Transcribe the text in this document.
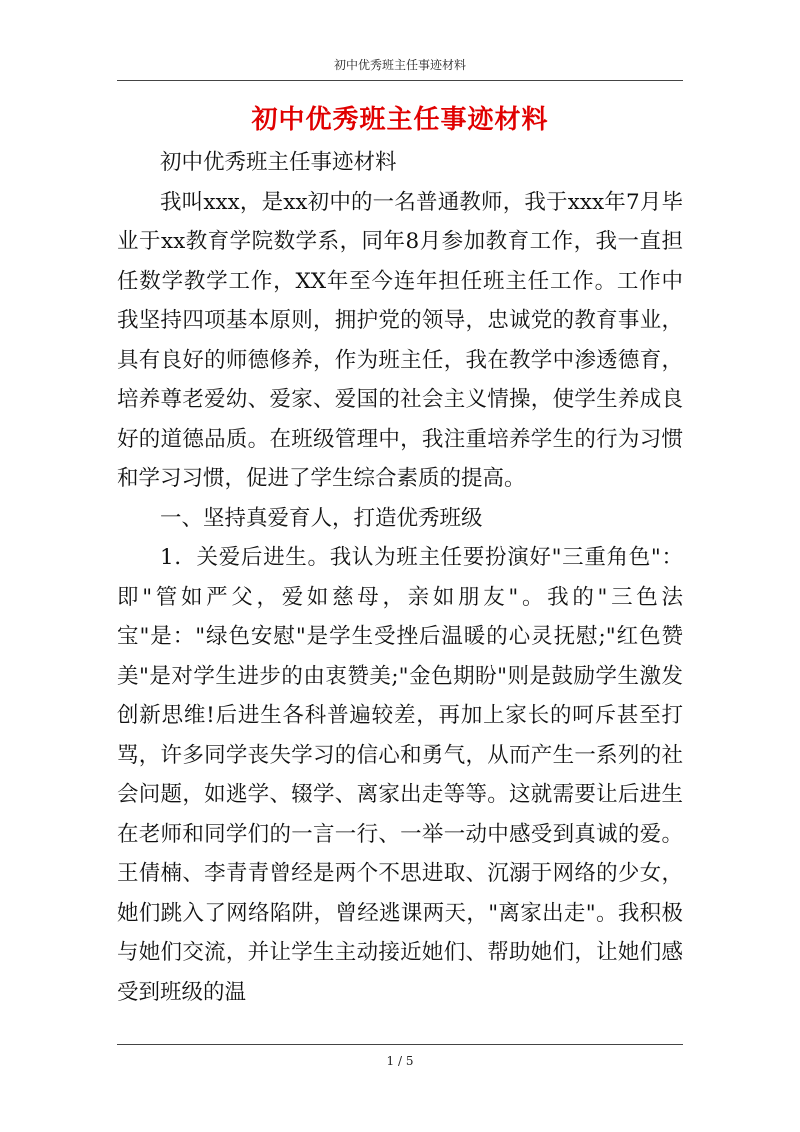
初中优秀班主任事迹材料
初中优秀班主任事迹材料

初中优秀班主任事迹材料

我叫xxx，是xx初中的一名普通教师，我于xxx年7月毕业于xx教育学院数学系，同年8月参加教育工作，我一直担任数学教学工作，XX年至今连年担任班主任工作。工作中我坚持四项基本原则，拥护党的领导，忠诚党的教育事业，具有良好的师德修养，作为班主任，我在教学中渗透德育，培养尊老爱幼、爱家、爱国的社会主义情操，使学生养成良好的道德品质。在班级管理中，我注重培养学生的行为习惯和学习习惯，促进了学生综合素质的提高。

一、坚持真爱育人，打造优秀班级

1．关爱后进生。我认为班主任要扮演好"三重角色"：即"管如严父，爱如慈母，亲如朋友"。我的"三色法宝"是："绿色安慰"是学生受挫后温暖的心灵抚慰;"红色赞美"是对学生进步的由衷赞美;"金色期盼"则是鼓励学生激发创新思维!后进生各科普遍较差，再加上家长的呵斥甚至打骂，许多同学丧失学习的信心和勇气，从而产生一系列的社会问题，如逃学、辍学、离家出走等等。这就需要让后进生在老师和同学们的一言一行、一举一动中感受到真诚的爱。王倩楠、李青青曾经是两个不思进取、沉溺于网络的少女，她们跳入了网络陷阱，曾经逃课两天，"离家出走"。我积极与她们交流，并让学生主动接近她们、帮助她们，让她们感受到班级的温

1 / 5
